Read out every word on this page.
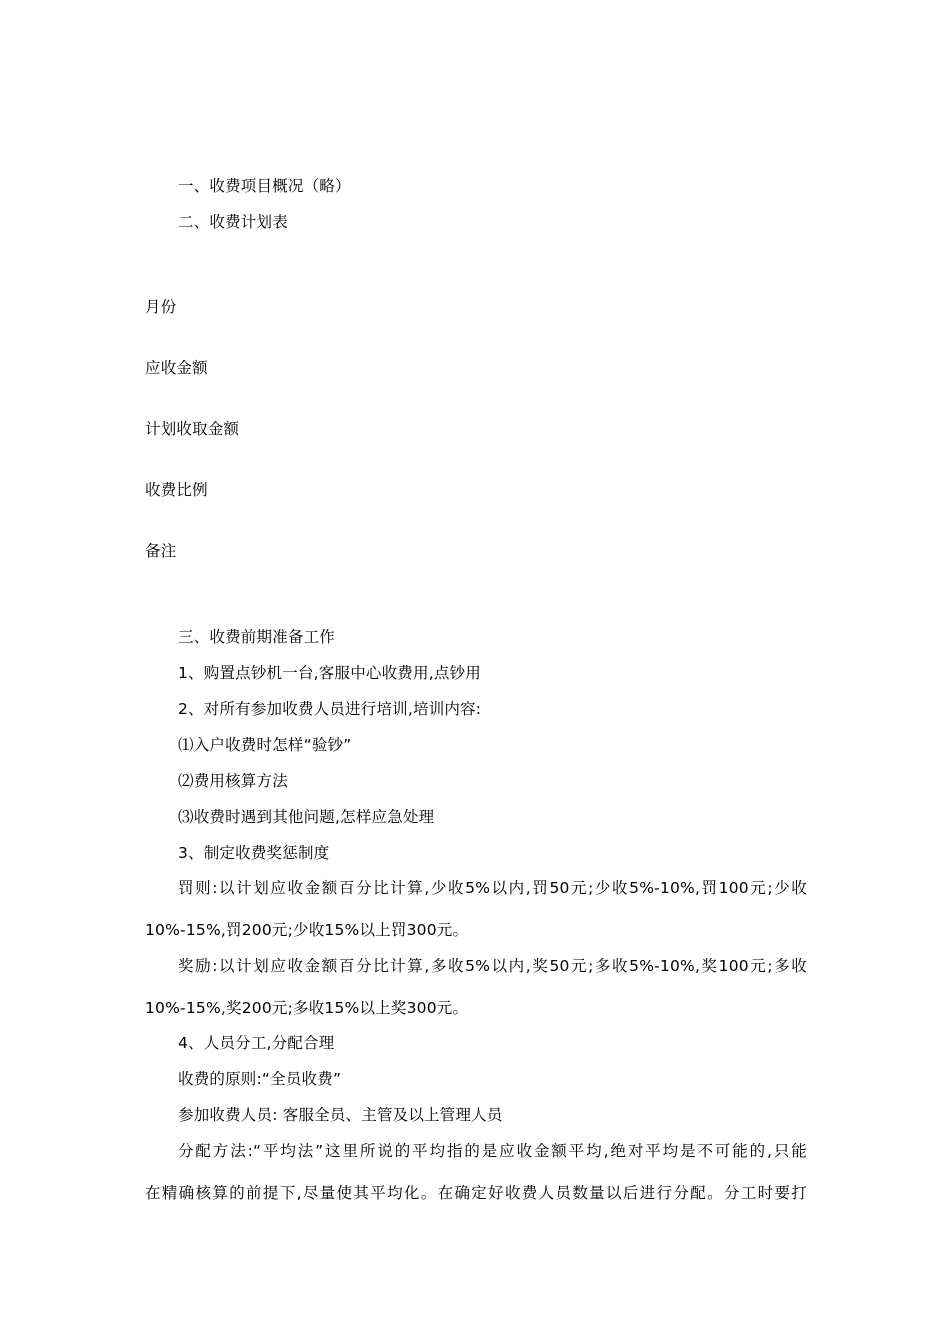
一、收费项目概况（略）
二、收费计划表
月份
应收金额
计划收取金额
收费比例
备注
三、收费前期准备工作
1、购置点钞机一台,客服中心收费用,点钞用
2、对所有参加收费人员进行培训,培训内容:
⑴入户收费时怎样“验钞”
⑵费用核算方法
⑶收费时遇到其他问题,怎样应急处理
3、制定收费奖惩制度
罚则:以计划应收金额百分比计算,少收5%以内,罚50元;少收5%-10%,罚100元;少收
10%-15%,罚200元;少收15%以上罚300元。
奖励:以计划应收金额百分比计算,多收5%以内,奖50元;多收5%-10%,奖100元;多收
10%-15%,奖200元;多收15%以上奖300元。
4、人员分工,分配合理
收费的原则:“全员收费”
参加收费人员: 客服全员、主管及以上管理人员
分配方法:“平均法”这里所说的平均指的是应收金额平均,绝对平均是不可能的,只能
在精确核算的前提下,尽量使其平均化。在确定好收费人员数量以后进行分配。分工时要打
